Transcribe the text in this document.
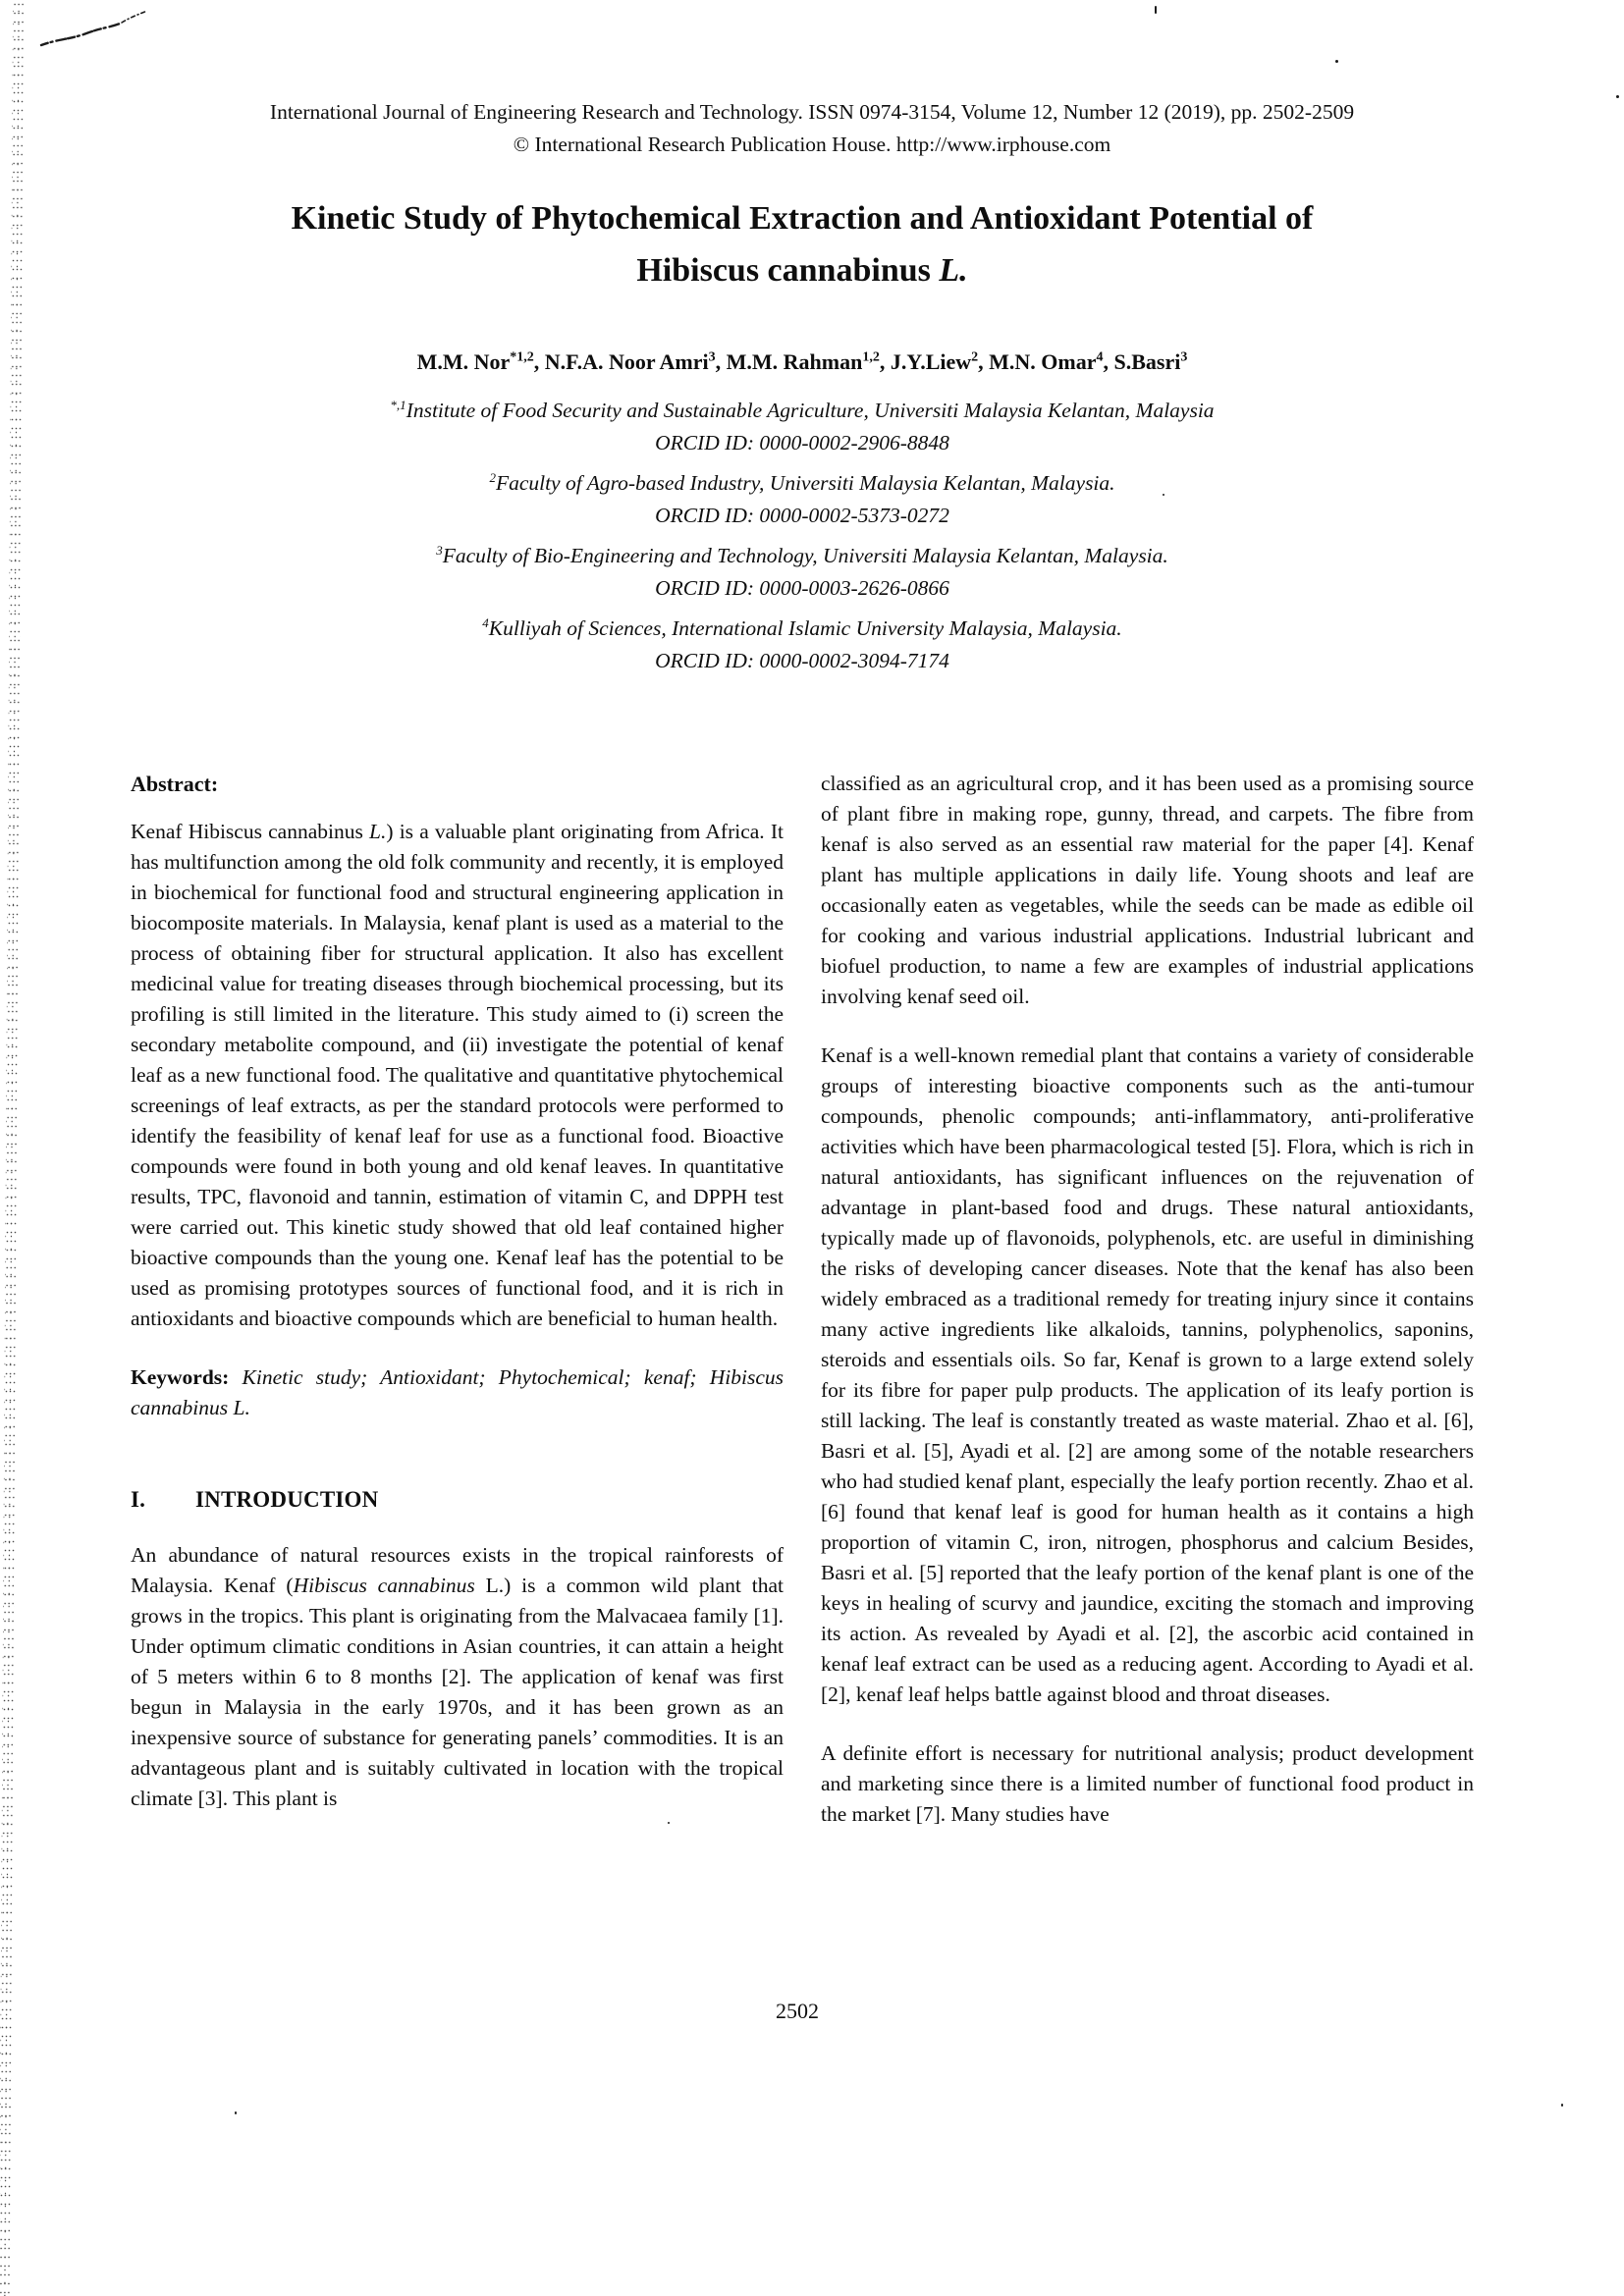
International Journal of Engineering Research and Technology. ISSN 0974-3154, Volume 12, Number 12 (2019), pp. 2502-2509
© International Research Publication House. http://www.irphouse.com
Kinetic Study of Phytochemical Extraction and Antioxidant Potential of
Hibiscus cannabinus L.
M.M. Nor$^{*1,2}$ , N.F.A. Noor Amri$^3$ , M.M. Rahman$^{1,2}$ , J.Y.Liew$^2$ , M.N. Omar$^4$ , S.Basri$^3$

$^{*,1}$Institute of Food Security and Sustainable Agriculture, Universiti Malaysia Kelantan, Malaysia
ORCID ID: 0000-0002-2906-8848

$^2$Faculty of Agro-based Industry, Universiti Malaysia Kelantan, Malaysia.
ORCID ID: 0000-0002-5373-0272

$^3$Faculty of Bio-Engineering and Technology, Universiti Malaysia Kelantan, Malaysia.
ORCID ID: 0000-0003-2626-0866

$^4$Kulliyah of Sciences, International Islamic University Malaysia, Malaysia.
ORCID ID: 0000-0002-3094-7174

Abstract:

Kenaf Hibiscus cannabinus L.) is a valuable plant originating from Africa. It has multifunction among the old folk community and recently, it is employed in biochemical for functional food and structural engineering application in biocomposite materials. In Malaysia, kenaf plant is used as a material to the process of obtaining fiber for structural application. It also has excellent medicinal value for treating diseases through biochemical processing, but its profiling is still limited in the literature. This study aimed to (i) screen the secondary metabolite compound, and (ii) investigate the potential of kenaf leaf as a new functional food. The qualitative and quantitative phytochemical screenings of leaf extracts, as per the standard protocols were performed to identify the feasibility of kenaf leaf for use as a functional food. Bioactive compounds were found in both young and old kenaf leaves. In quantitative results, TPC, flavonoid and tannin, estimation of vitamin C, and DPPH test were carried out. This kinetic study showed that old leaf contained higher bioactive compounds than the young one. Kenaf leaf has the potential to be used as promising prototypes sources of functional food, and it is rich in antioxidants and bioactive compounds which are beneficial to human health.

Keywords: Kinetic study; Antioxidant; Phytochemical; kenaf; Hibiscus cannabinus L.

I. INTRODUCTION

An abundance of natural resources exists in the tropical rainforests of Malaysia. Kenaf (Hibiscus cannabinus L.) is a common wild plant that grows in the tropics. This plant is originating from the Malvacaea family [1]. Under optimum climatic conditions in Asian countries, it can attain a height of 5 meters within 6 to 8 months [2]. The application of kenaf was first begun in Malaysia in the early 1970s, and it has been grown as an inexpensive source of substance for generating panels’ commodities. It is an advantageous plant and is suitably cultivated in location with the tropical climate [3]. This plant is

classified as an agricultural crop, and it has been used as a promising source of plant fibre in making rope, gunny, thread, and carpets. The fibre from kenaf is also served as an essential raw material for the paper [4]. Kenaf plant has multiple applications in daily life. Young shoots and leaf are occasionally eaten as vegetables, while the seeds can be made as edible oil for cooking and various industrial applications. Industrial lubricant and biofuel production, to name a few are examples of industrial applications involving kenaf seed oil.

Kenaf is a well-known remedial plant that contains a variety of considerable groups of interesting bioactive components such as the anti-tumour compounds, phenolic compounds; anti-inflammatory, anti-proliferative activities which have been pharmacological tested [5]. Flora, which is rich in natural antioxidants, has significant influences on the rejuvenation of advantage in plant-based food and drugs. These natural antioxidants, typically made up of flavonoids, polyphenols, etc. are useful in diminishing the risks of developing cancer diseases. Note that the kenaf has also been widely embraced as a traditional remedy for treating injury since it contains many active ingredients like alkaloids, tannins, polyphenolics, saponins, steroids and essentials oils. So far, Kenaf is grown to a large extend solely for its fibre for paper pulp products. The application of its leafy portion is still lacking. The leaf is constantly treated as waste material. Zhao et al. [6], Basri et al. [5], Ayadi et al. [2] are among some of the notable researchers who had studied kenaf plant, especially the leafy portion recently. Zhao et al. [6] found that kenaf leaf is good for human health as it contains a high proportion of vitamin C, iron, nitrogen, phosphorus and calcium Besides, Basri et al. [5] reported that the leafy portion of the kenaf plant is one of the keys in healing of scurvy and jaundice, exciting the stomach and improving its action. As revealed by Ayadi et al. [2], the ascorbic acid contained in kenaf leaf extract can be used as a reducing agent. According to Ayadi et al. [2], kenaf leaf helps battle against blood and throat diseases.

A definite effort is necessary for nutritional analysis; product development and marketing since there is a limited number of functional food product in the market [7]. Many studies have

2502
